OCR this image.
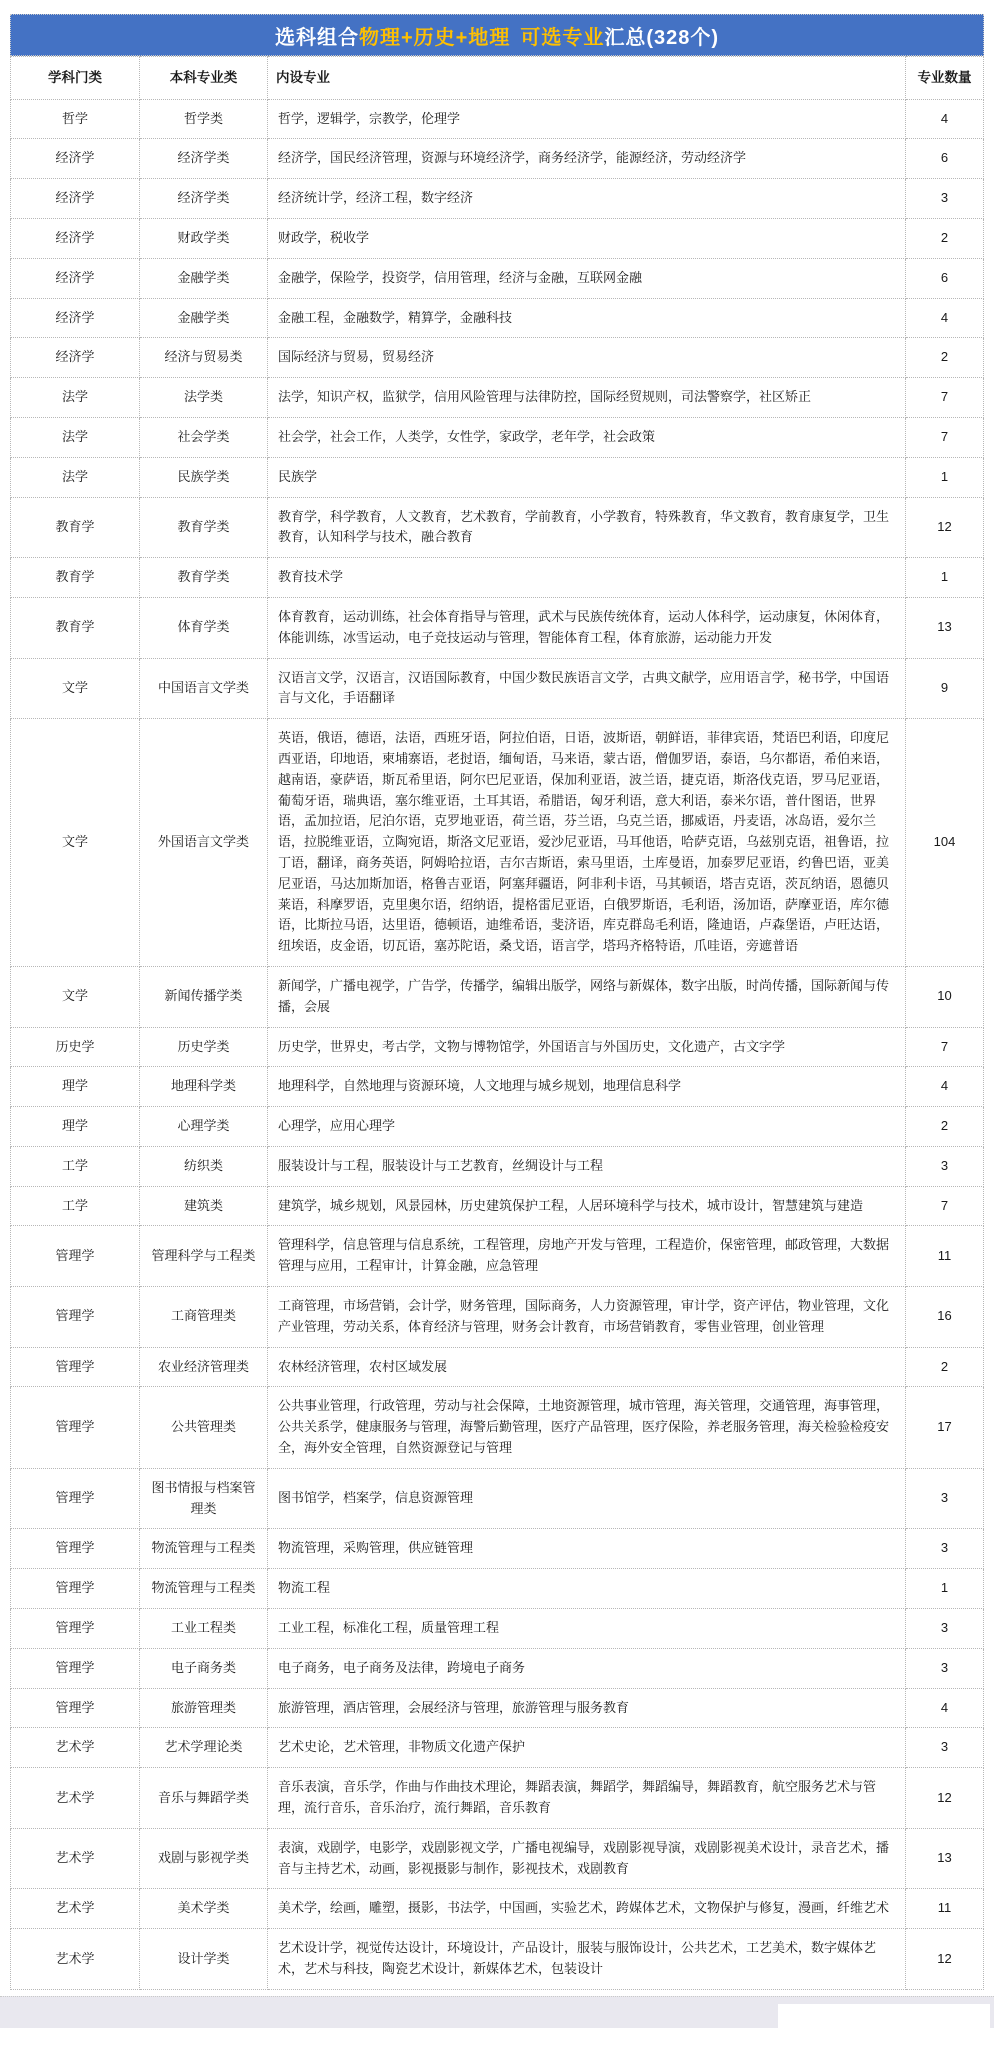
选科组合 物理+历史+地理 可选专业 汇总(328个)
学科门类	本科专业类	内设专业	专业数量
哲学	哲学类	哲学，逻辑学，宗教学，伦理学	4
经济学	经济学类	经济学，国民经济管理，资源与环境经济学，商务经济学，能源经济，劳动经济学	6
经济学	经济学类	经济统计学，经济工程，数字经济	3
经济学	财政学类	财政学，税收学	2
经济学	金融学类	金融学，保险学，投资学，信用管理，经济与金融，互联网金融	6
经济学	金融学类	金融工程，金融数学，精算学，金融科技	4
经济学	经济与贸易类	国际经济与贸易，贸易经济	2
法学	法学类	法学，知识产权，监狱学，信用风险管理与法律防控，国际经贸规则，司法警察学，社区矫正	7
法学	社会学类	社会学，社会工作，人类学，女性学，家政学，老年学，社会政策	7
法学	民族学类	民族学	1
教育学	教育学类	教育学，科学教育，人文教育，艺术教育，学前教育，小学教育，特殊教育，华文教育，教育康复学，卫生教育，认知科学与技术，融合教育	12
教育学	教育学类	教育技术学	1
教育学	体育学类	体育教育，运动训练，社会体育指导与管理，武术与民族传统体育，运动人体科学，运动康复，休闲体育，体能训练，冰雪运动，电子竞技运动与管理，智能体育工程，体育旅游，运动能力开发	13
文学	中国语言文学类	汉语言文学，汉语言，汉语国际教育，中国少数民族语言文学，古典文献学，应用语言学，秘书学，中国语言与文化，手语翻译	9
文学	外国语言文学类	英语，俄语，德语，法语，西班牙语，阿拉伯语，日语，波斯语，朝鲜语，菲律宾语，梵语巴利语，印度尼西亚语，印地语，柬埔寨语，老挝语，缅甸语，马来语，蒙古语，僧伽罗语，泰语，乌尔都语，希伯来语，越南语，豪萨语，斯瓦希里语，阿尔巴尼亚语，保加利亚语，波兰语，捷克语，斯洛伐克语，罗马尼亚语，葡萄牙语，瑞典语，塞尔维亚语，土耳其语，希腊语，匈牙利语，意大利语，泰米尔语，普什图语，世界语，孟加拉语，尼泊尔语，克罗地亚语，荷兰语，芬兰语，乌克兰语，挪威语，丹麦语，冰岛语，爱尔兰语，拉脱维亚语，立陶宛语，斯洛文尼亚语，爱沙尼亚语，马耳他语，哈萨克语，乌兹别克语，祖鲁语，拉丁语，翻译，商务英语，阿姆哈拉语，吉尔吉斯语，索马里语，土库曼语，加泰罗尼亚语，约鲁巴语，亚美尼亚语，马达加斯加语，格鲁吉亚语，阿塞拜疆语，阿非利卡语，马其顿语，塔吉克语，茨瓦纳语，恩德贝莱语，科摩罗语，克里奥尔语，绍纳语，提格雷尼亚语，白俄罗斯语，毛利语，汤加语，萨摩亚语，库尔德语，比斯拉马语，达里语，德顿语，迪维希语，斐济语，库克群岛毛利语，隆迪语，卢森堡语，卢旺达语，纽埃语，皮金语，切瓦语，塞苏陀语，桑戈语，语言学，塔玛齐格特语，爪哇语，旁遮普语	104
文学	新闻传播学类	新闻学，广播电视学，广告学，传播学，编辑出版学，网络与新媒体，数字出版，时尚传播，国际新闻与传播，会展	10
历史学	历史学类	历史学，世界史，考古学，文物与博物馆学，外国语言与外国历史，文化遗产，古文字学	7
理学	地理科学类	地理科学，自然地理与资源环境，人文地理与城乡规划，地理信息科学	4
理学	心理学类	心理学，应用心理学	2
工学	纺织类	服装设计与工程，服装设计与工艺教育，丝绸设计与工程	3
工学	建筑类	建筑学，城乡规划，风景园林，历史建筑保护工程，人居环境科学与技术，城市设计，智慧建筑与建造	7
管理学	管理科学与工程类	管理科学，信息管理与信息系统，工程管理，房地产开发与管理，工程造价，保密管理，邮政管理，大数据管理与应用，工程审计，计算金融，应急管理	11
管理学	工商管理类	工商管理，市场营销，会计学，财务管理，国际商务，人力资源管理，审计学，资产评估，物业管理，文化产业管理，劳动关系，体育经济与管理，财务会计教育，市场营销教育，零售业管理，创业管理	16
管理学	农业经济管理类	农林经济管理，农村区域发展	2
管理学	公共管理类	公共事业管理，行政管理，劳动与社会保障，土地资源管理，城市管理，海关管理，交通管理，海事管理，公共关系学，健康服务与管理，海警后勤管理，医疗产品管理，医疗保险，养老服务管理，海关检验检疫安全，海外安全管理，自然资源登记与管理	17
管理学	图书情报与档案管理类	图书馆学，档案学，信息资源管理	3
管理学	物流管理与工程类	物流管理，采购管理，供应链管理	3
管理学	物流管理与工程类	物流工程	1
管理学	工业工程类	工业工程，标准化工程，质量管理工程	3
管理学	电子商务类	电子商务，电子商务及法律，跨境电子商务	3
管理学	旅游管理类	旅游管理，酒店管理，会展经济与管理，旅游管理与服务教育	4
艺术学	艺术学理论类	艺术史论，艺术管理，非物质文化遗产保护	3
艺术学	音乐与舞蹈学类	音乐表演，音乐学，作曲与作曲技术理论，舞蹈表演，舞蹈学，舞蹈编导，舞蹈教育，航空服务艺术与管理，流行音乐，音乐治疗，流行舞蹈，音乐教育	12
艺术学	戏剧与影视学类	表演，戏剧学，电影学，戏剧影视文学，广播电视编导，戏剧影视导演，戏剧影视美术设计，录音艺术，播音与主持艺术，动画，影视摄影与制作，影视技术，戏剧教育	13
艺术学	美术学类	美术学，绘画，雕塑，摄影，书法学，中国画，实验艺术，跨媒体艺术，文物保护与修复，漫画，纤维艺术	11
艺术学	设计学类	艺术设计学，视觉传达设计，环境设计，产品设计，服装与服饰设计，公共艺术，工艺美术，数字媒体艺术，艺术与科技，陶瓷艺术设计，新媒体艺术，包装设计	12
